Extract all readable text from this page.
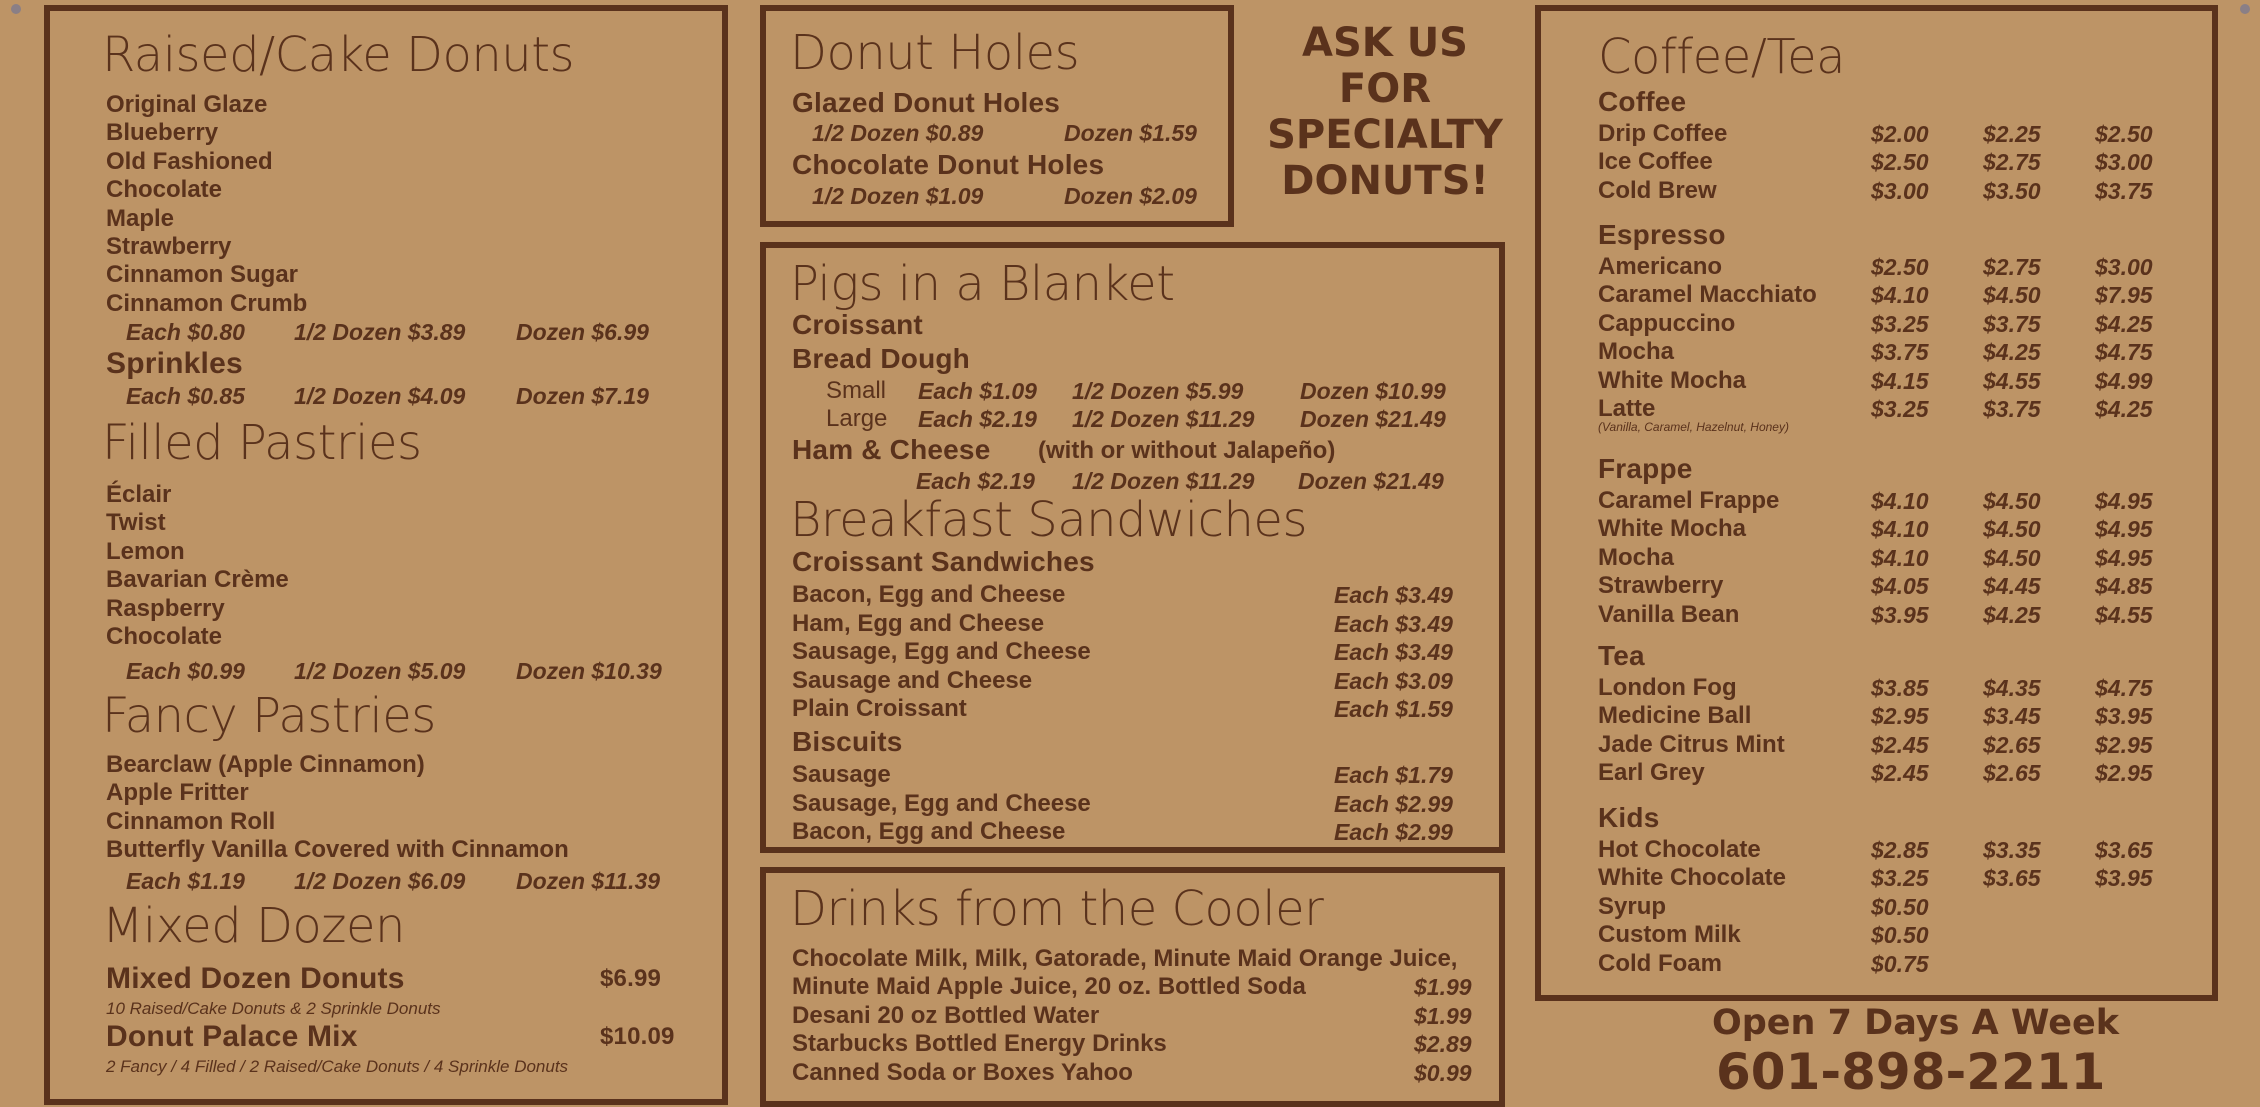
Raised/Cake Donuts
Original Glaze
Blueberry
Old Fashioned
Chocolate
Maple
Strawberry
Cinnamon Sugar
Cinnamon Crumb
Each $0.80 1/2 Dozen $3.89 Dozen $6.99
Sprinkles
Each $0.85 1/2 Dozen $4.09 Dozen $7.19
Filled Pastries
Éclair
Twist
Lemon
Bavarian Crème
Raspberry
Chocolate
Each $0.99 1/2 Dozen $5.09 Dozen $10.39
Fancy Pastries
Bearclaw (Apple Cinnamon)
Apple Fritter
Cinnamon Roll
Butterfly Vanilla Covered with Cinnamon
Each $1.19 1/2 Dozen $6.09 Dozen $11.39
Mixed Dozen
Mixed Dozen Donuts	$6.99
10 Raised/Cake Donuts & 2 Sprinkle Donuts
Donut Palace Mix	$10.09
2 Fancy / 4 Filled / 2 Raised/Cake Donuts / 4 Sprinkle Donuts
Donut Holes
Glazed Donut Holes
1/2 Dozen $0.89	Dozen $1.59
Chocolate Donut Holes
1/2 Dozen $1.09	Dozen $2.09
ASK US
FOR
SPECIALTY
DONUTS!
Pigs in a Blanket
Croissant
Bread Dough
Small Each $1.09 1/2 Dozen $5.99 Dozen $10.99
Large Each $2.19 1/2 Dozen $11.29 Dozen $21.49
Ham & Cheese (with or without Jalapeño)
Each $2.19 1/2 Dozen $11.29 Dozen $21.49
Breakfast Sandwiches
Croissant Sandwiches
Bacon, Egg and Cheese	Each $3.49
Ham, Egg and Cheese	Each $3.49
Sausage, Egg and Cheese	Each $3.49
Sausage and Cheese	Each $3.09
Plain Croissant	Each $1.59
Biscuits
Sausage	Each $1.79
Sausage, Egg and Cheese	Each $2.99
Bacon, Egg and Cheese	Each $2.99
Drinks from the Cooler
Chocolate Milk, Milk, Gatorade, Minute Maid Orange Juice,
Minute Maid Apple Juice, 20 oz. Bottled Soda	$1.99
Desani 20 oz Bottled Water	$1.99
Starbucks Bottled Energy Drinks	$2.89
Canned Soda or Boxes Yahoo	$0.99
Coffee/Tea
Coffee
Drip Coffee	$2.00 $2.25 $2.50
Ice Coffee	$2.50 $2.75 $3.00
Cold Brew	$3.00 $3.50 $3.75
Espresso
Americano	$2.50 $2.75 $3.00
Caramel Macchiato $4.10 $4.50 $7.95
Cappuccino	$3.25 $3.75 $4.25
Mocha	$3.75 $4.25 $4.75
White Mocha	$4.15 $4.55 $4.99
Latte	$3.25 $3.75 $4.25
(Vanilla, Caramel, Hazelnut, Honey)
Frappe
Caramel Frappe	$4.10 $4.50 $4.95
White Mocha	$4.10 $4.50 $4.95
Mocha	$4.10 $4.50 $4.95
Strawberry	$4.05 $4.45 $4.85
Vanilla Bean	$3.95 $4.25 $4.55
Tea
London Fog	$3.85 $4.35 $4.75
Medicine Ball	$2.95 $3.45 $3.95
Jade Citrus Mint	$2.45 $2.65 $2.95
Earl Grey	$2.45 $2.65 $2.95
Kids
Hot Chocolate	$2.85 $3.35 $3.65
White Chocolate	$3.25 $3.65 $3.95
Syrup	$0.50
Custom Milk	$0.50
Cold Foam	$0.75
Open 7 Days A Week
601-898-2211
